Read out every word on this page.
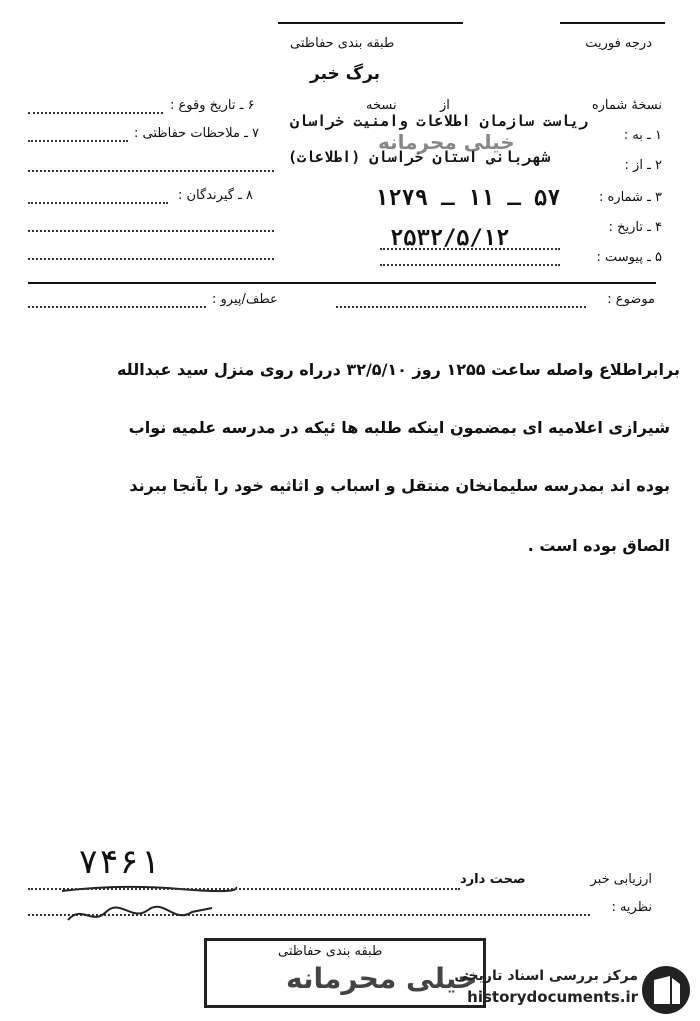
درجه فوریت
طبقه بندی حفاظتی
برگ خبر
نسخهٔ شماره
از
نسخه
۱ ـ به :
ریاست سازمان اطلاعات وامنیت خراسان
۲ ـ از :
شهربانی استان خراسان (اطلاعات)
۳ ـ شماره :
۵۷ ـ ۱۱ ـ ۱۲۷۹
۴ ـ تاریخ :
۲۵۳۲/۵/۱۲
۵ ـ پیوست :
۶ ـ تاریخ وقوع :
۷ ـ ملاحظات حفاظتی :
۸ ـ گیرندگان :
موضوع :
عطف/پیرو :
برابراطلاع واصله ساعت ۱۲۵۵ روز ۳۲/۵/۱۰ درراه روی منزل سید عبدالله
شیرازی اعلامیه ای بمضمون اینکه طلبه ها ئیکه در مدرسه علمیه نواب
بوده اند بمدرسه سلیمانخان منتقل و اسباب و اثاثیه خود را بآنجا ببرند
الصاق بوده است .
۷۴۶۱	ارزیابی خبر
صحت دارد
نظریه :
طبقه بندی حفاظتی
خیلی محرمانه
خیلی محرمانه
مرکز بررسی اسناد تاریخی
historydocuments.ir
